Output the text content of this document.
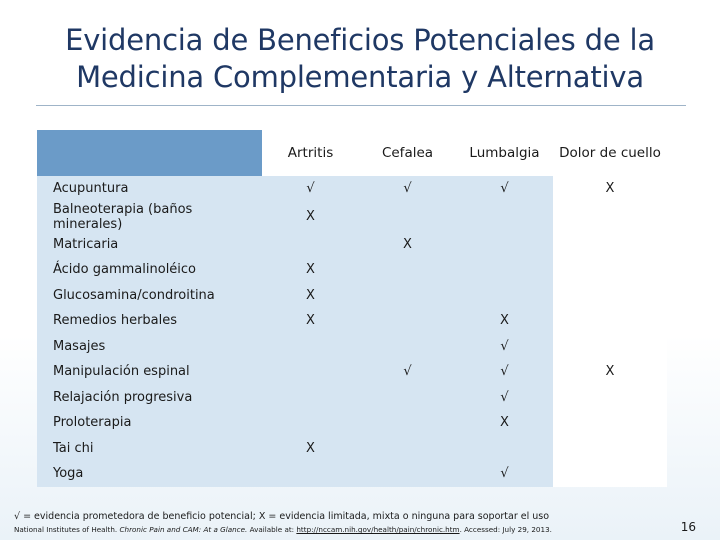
Evidencia de Beneficios Potenciales de la
Medicina Complementaria y Alternativa
	Artritis	Cefalea	Lumbalgia	Dolor de cuello
Acupuntura	√	√	√	X
Balneoterapia (baños minerales)	X			
Matricaria		X		
Ácido gammalinoléico	X			
Glucosamina/condroitina	X			
Remedios herbales	X		X	
Masajes			√	
Manipulación espinal		√	√	X
Relajación progresiva			√	
Proloterapia			X	
Tai chi	X			
Yoga			√	
√ = evidencia prometedora de beneficio potencial; X = evidencia limitada, mixta o ninguna para soportar el uso
National Institutes of Health. Chronic Pain and CAM: At a Glance. Available at: http://nccam.nih.gov/health/pain/chronic.htm. Accessed: July 29, 2013.	16
